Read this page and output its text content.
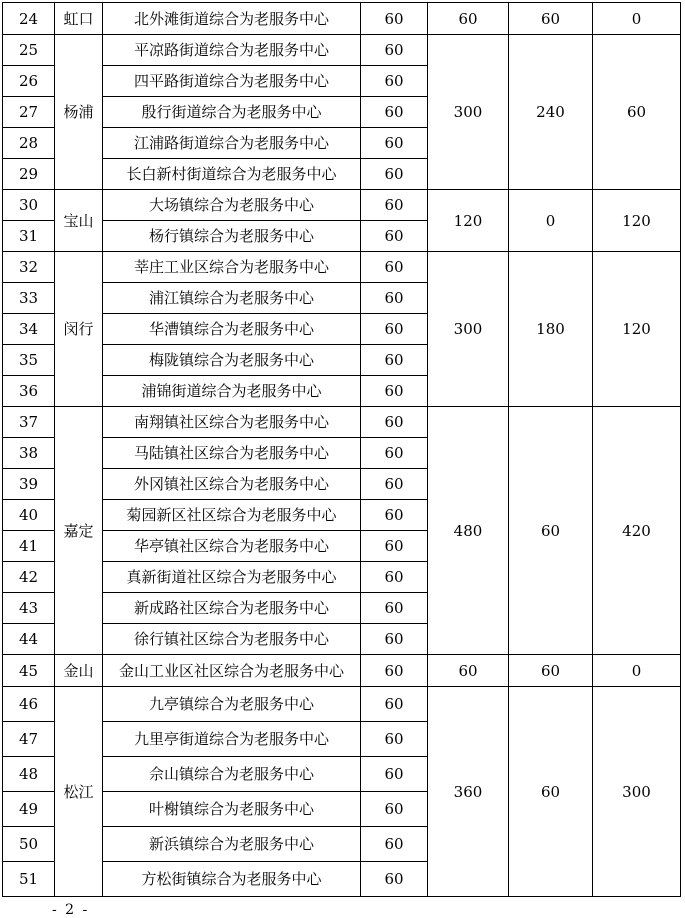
24	虹口	北外滩街道综合为老服务中心	60	60	60	0
25	杨浦	平凉路街道综合为老服务中心	60	300	240	60
26		四平路街道综合为老服务中心	60			
27		殷行街道综合为老服务中心	60			
28		江浦路街道综合为老服务中心	60			
29		长白新村街道综合为老服务中心	60			
30	宝山	大场镇综合为老服务中心	60	120	0	120
31		杨行镇综合为老服务中心	60			
32	闵行	莘庄工业区综合为老服务中心	60	300	180	120
33		浦江镇综合为老服务中心	60			
34		华漕镇综合为老服务中心	60			
35		梅陇镇综合为老服务中心	60			
36		浦锦街道综合为老服务中心	60			
37	嘉定	南翔镇社区综合为老服务中心	60	480	60	420
38		马陆镇社区综合为老服务中心	60			
39		外冈镇社区综合为老服务中心	60			
40		菊园新区社区综合为老服务中心	60			
41		华亭镇社区综合为老服务中心	60			
42		真新街道社区综合为老服务中心	60			
43		新成路社区综合为老服务中心	60			
44		徐行镇社区综合为老服务中心	60			
45	金山	金山工业区社区综合为老服务中心	60	60	60	0
46	松江	九亭镇综合为老服务中心	60	360	60	300
47		九里亭街道综合为老服务中心	60			
48		佘山镇综合为老服务中心	60			
49		叶榭镇综合为老服务中心	60			
50		新浜镇综合为老服务中心	60			
51		方松街镇综合为老服务中心	60			
- 2 -
